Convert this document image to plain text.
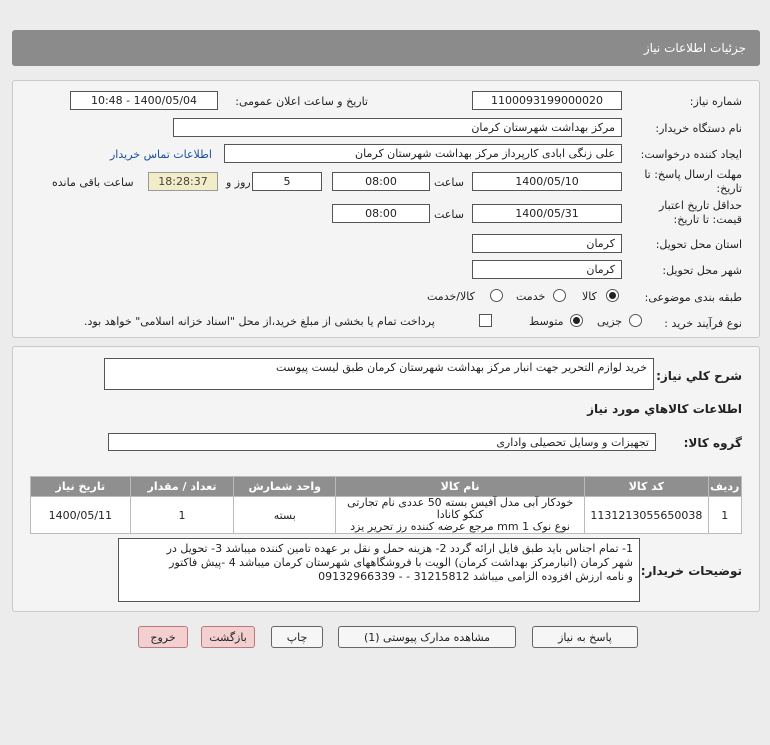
جزئیات اطلاعات نیاز
شماره نیاز:
1100093199000020
تاریخ و ساعت اعلان عمومی:
1400/05/04 - 10:48
نام دستگاه خریدار:
مرکز بهداشت شهرستان کرمان
ایجاد کننده درخواست:
علی زنگی ابادی کارپرداز مرکز بهداشت شهرستان کرمان
اطلاعات تماس خریدار
مهلت ارسال پاسخ: تا تاریخ:
1400/05/10
ساعت
08:00
5
روز و
18:28:37
ساعت باقی مانده
حداقل تاریخ اعتبار قیمت: تا تاریخ:
1400/05/31
ساعت
08:00
استان محل تحویل:
کرمان
شهر محل تحویل:
کرمان
طبقه بندی موضوعی:
کالا
خدمت
کالا/خدمت
نوع فرآیند خرید :
جزیی
متوسط
پرداخت تمام یا بخشی از مبلغ خرید،از محل "اسناد خزانه اسلامی" خواهد بود.
شرح كلي نياز:
خرید لوازم التحریر جهت انبار مرکز بهداشت شهرستان کرمان طبق لیست پیوست
اطلاعات كالاهاي مورد نياز
گروه كالا:
تجهیزات و وسایل تحصیلی واداری
ردیف	کد کالا	نام کالا	واحد شمارش	تعداد / مقدار	تاریخ نیاز
1	1131213055650038	خودکار آبی مدل آفیس بسته 50 عددی نام تجارتی کنکو کانادا
نوع نوک 1 mm مرجع عرضه کننده رز تحریر یزد	بسته	1	1400/05/11
توضیحات خریدار:
1- تمام اجناس باید طبق فایل ارائه گردد 2- هزینه حمل و نقل بر عهده تامین کننده میباشد 3- تحویل در
شهر کرمان (انبارمرکز بهداشت کرمان) الویت با فروشگاههای شهرستان کرمان میباشد 4 -پیش فاکتور
و نامه ارزش افزوده الزامی میباشد 31215812 - - 09132966339
پاسخ به نیاز
مشاهده مدارک پیوستی (1)
چاپ
بازگشت
خروج
